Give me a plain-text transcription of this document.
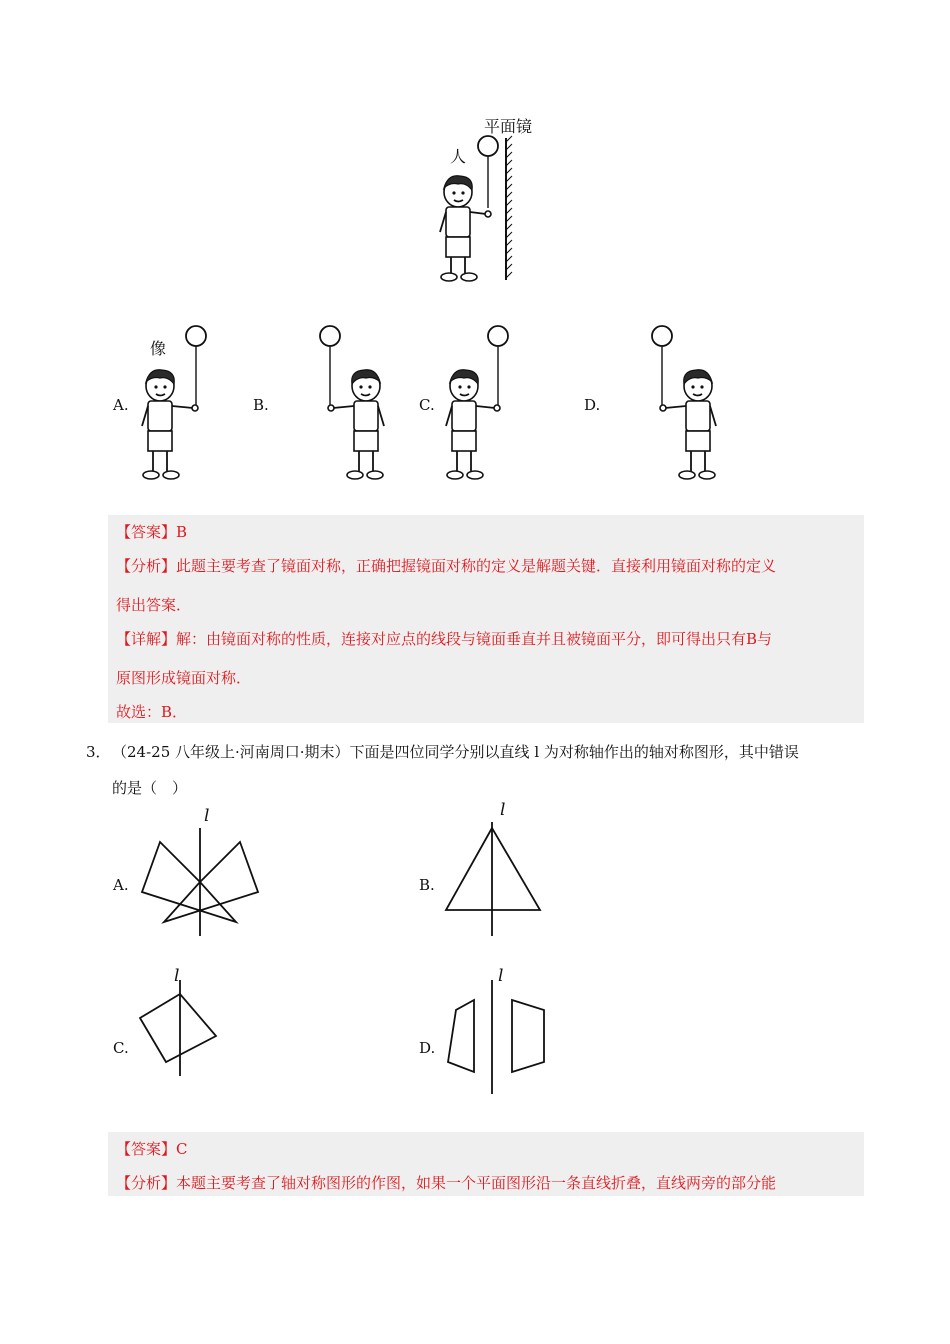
平面镜
人
像
A.	B.	C.	D.
【答案】B
【分析】此题主要考查了镜面对称，正确把握镜面对称的定义是解题关键．直接利用镜面对称的定义
得出答案．
【详解】解：由镜面对称的性质，连接对应点的线段与镜面垂直并且被镜面平分，即可得出只有B与
原图形成镜面对称．
故选：B．
3． （24-25 八年级上·河南周口·期末）下面是四位同学分别以直线 l 为对称轴作出的轴对称图形，其中错误
的是（　）
A.	B.
C.	D.
l	l
l	l
【答案】C
【分析】本题主要考查了轴对称图形的作图，如果一个平面图形沿一条直线折叠，直线两旁的部分能
